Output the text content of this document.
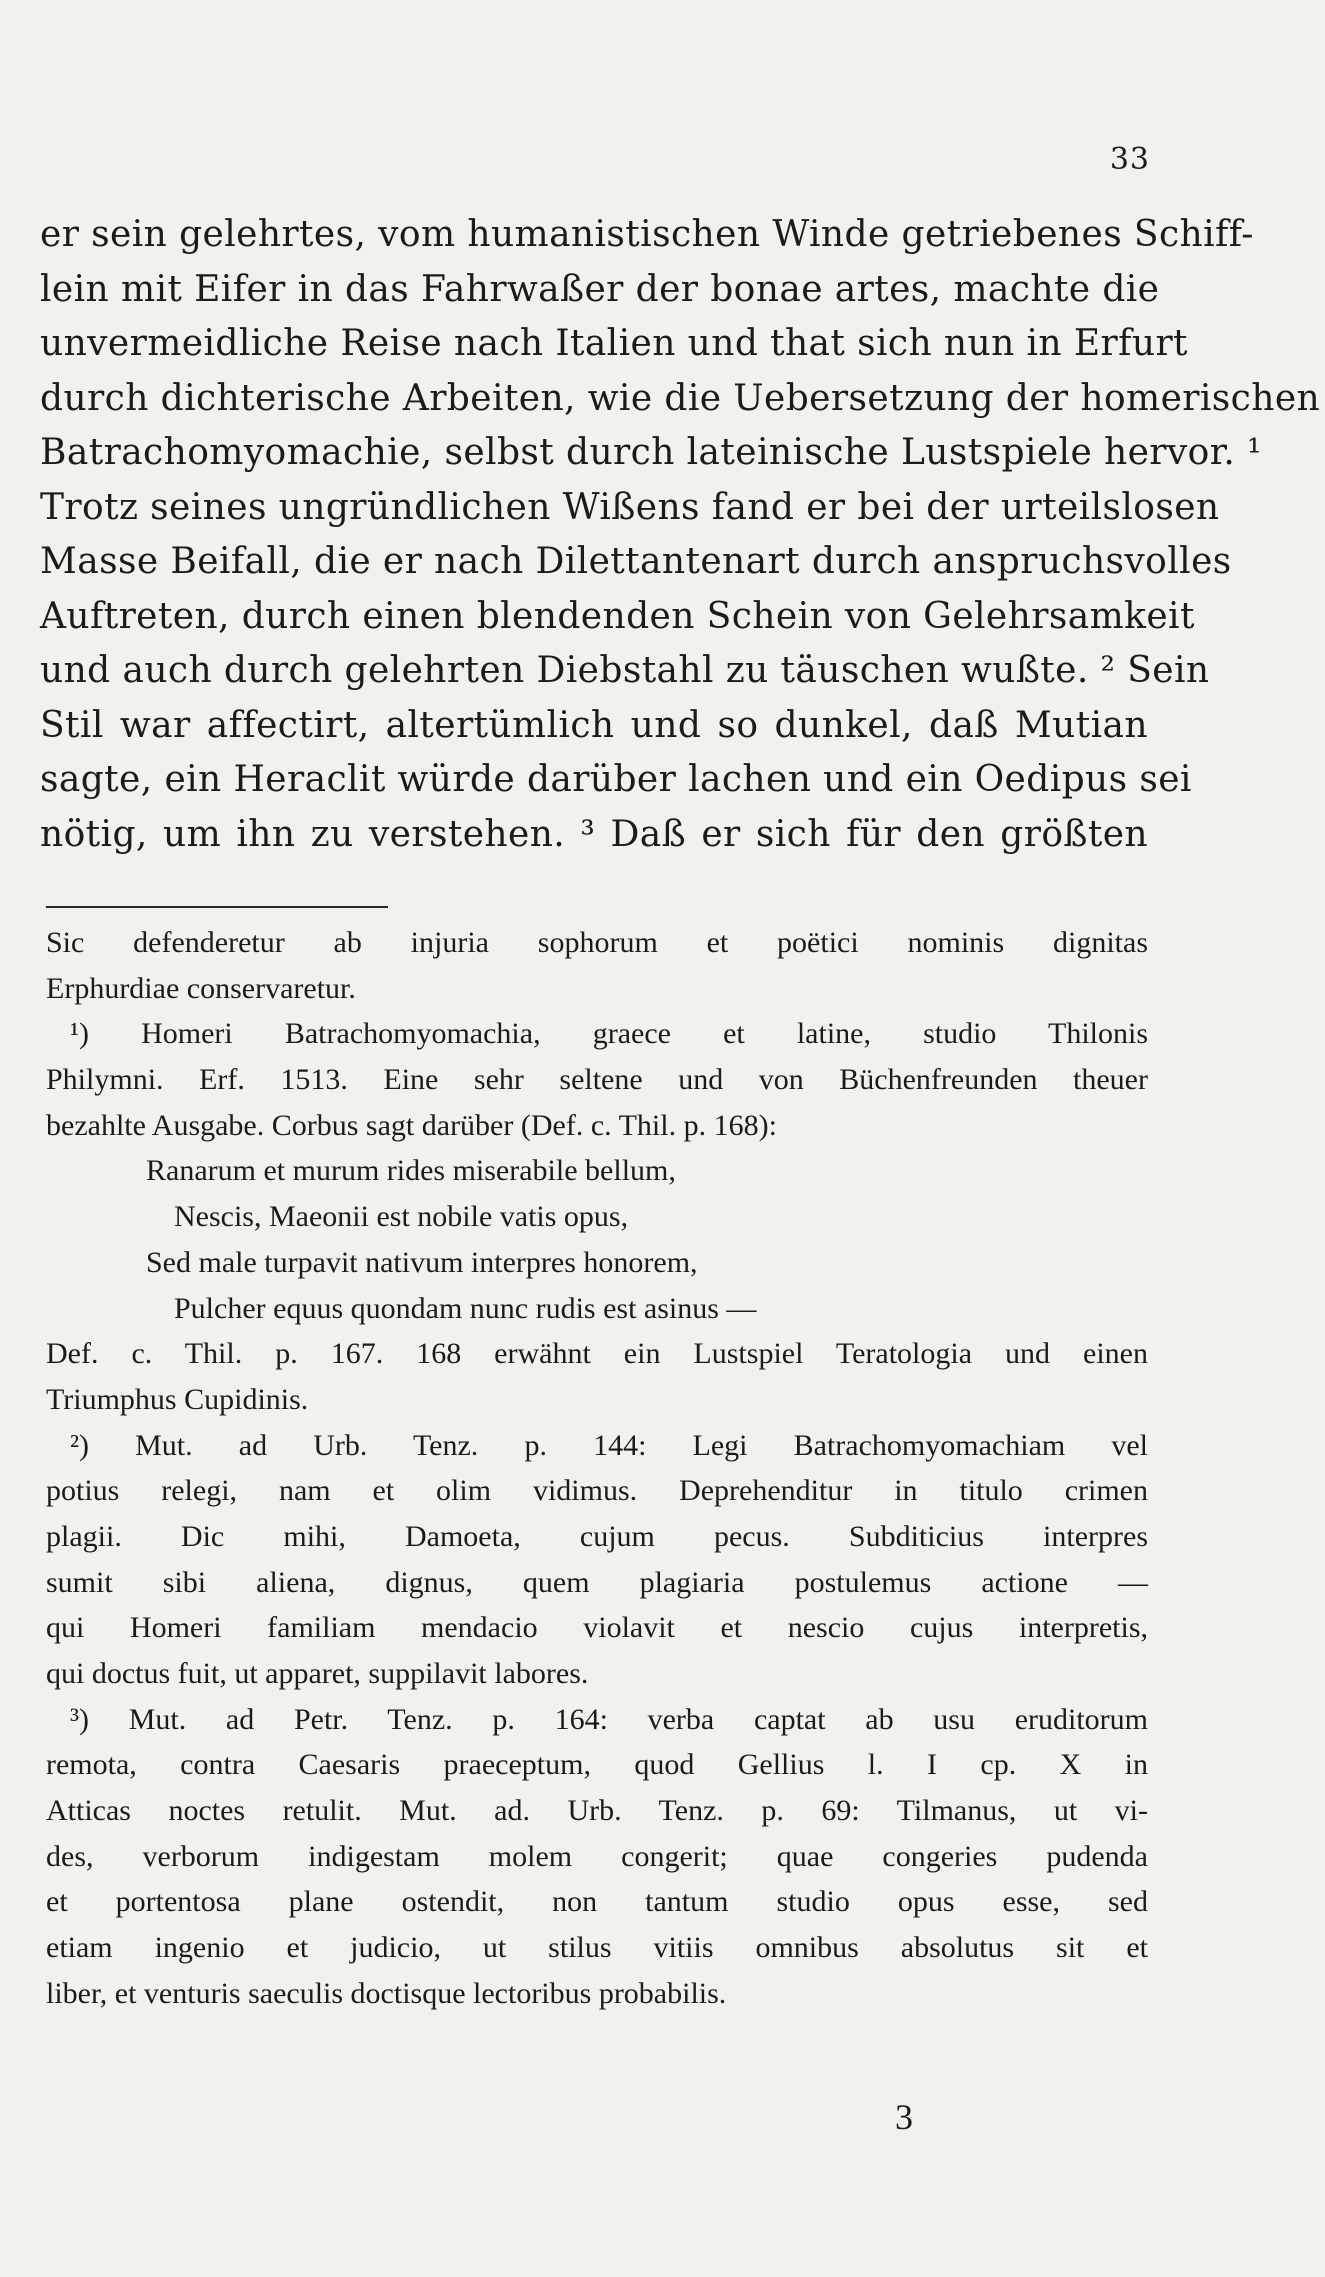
33
er sein gelehrtes, vom humanistischen Winde getriebenes Schiff-
lein mit Eifer in das Fahrwaßer der bonae artes, machte die
unvermeidliche Reise nach Italien und that sich nun in Erfurt
durch dichterische Arbeiten, wie die Uebersetzung der homerischen
Batrachomyomachie, selbst durch lateinische Lustspiele hervor. ¹
Trotz seines ungründlichen Wißens fand er bei der urteilslosen
Masse Beifall, die er nach Dilettantenart durch anspruchsvolles
Auftreten, durch einen blendenden Schein von Gelehrsamkeit
und auch durch gelehrten Diebstahl zu täuschen wußte. ² Sein
Stil war affectirt, altertümlich und so dunkel, daß Mutian
sagte, ein Heraclit würde darüber lachen und ein Oedipus sei
nötig, um ihn zu verstehen. ³ Daß er sich für den größten
Sic defenderetur ab injuria sophorum et poëtici nominis dignitas
Erphurdiae conservaretur.
¹) Homeri Batrachomyomachia, graece et latine, studio Thilonis
Philymni. Erf. 1513. Eine sehr seltene und von Büchenfreunden theuer
bezahlte Ausgabe. Corbus sagt darüber (Def. c. Thil. p. 168):
Ranarum et murum rides miserabile bellum,
Nescis, Maeonii est nobile vatis opus,
Sed male turpavit nativum interpres honorem,
Pulcher equus quondam nunc rudis est asinus —
Def. c. Thil. p. 167. 168 erwähnt ein Lustspiel Teratologia und einen
Triumphus Cupidinis.
²) Mut. ad Urb. Tenz. p. 144: Legi Batrachomyomachiam vel
potius relegi, nam et olim vidimus. Deprehenditur in titulo crimen
plagii. Dic mihi, Damoeta, cujum pecus. Subditicius interpres
sumit sibi aliena, dignus, quem plagiaria postulemus actione —
qui Homeri familiam mendacio violavit et nescio cujus interpretis,
qui doctus fuit, ut apparet, suppilavit labores.
³) Mut. ad Petr. Tenz. p. 164: verba captat ab usu eruditorum
remota, contra Caesaris praeceptum, quod Gellius l. I cp. X in
Atticas noctes retulit. Mut. ad. Urb. Tenz. p. 69: Tilmanus, ut vi-
des, verborum indigestam molem congerit; quae congeries pudenda
et portentosa plane ostendit, non tantum studio opus esse, sed
etiam ingenio et judicio, ut stilus vitiis omnibus absolutus sit et
liber, et venturis saeculis doctisque lectoribus probabilis.
3
